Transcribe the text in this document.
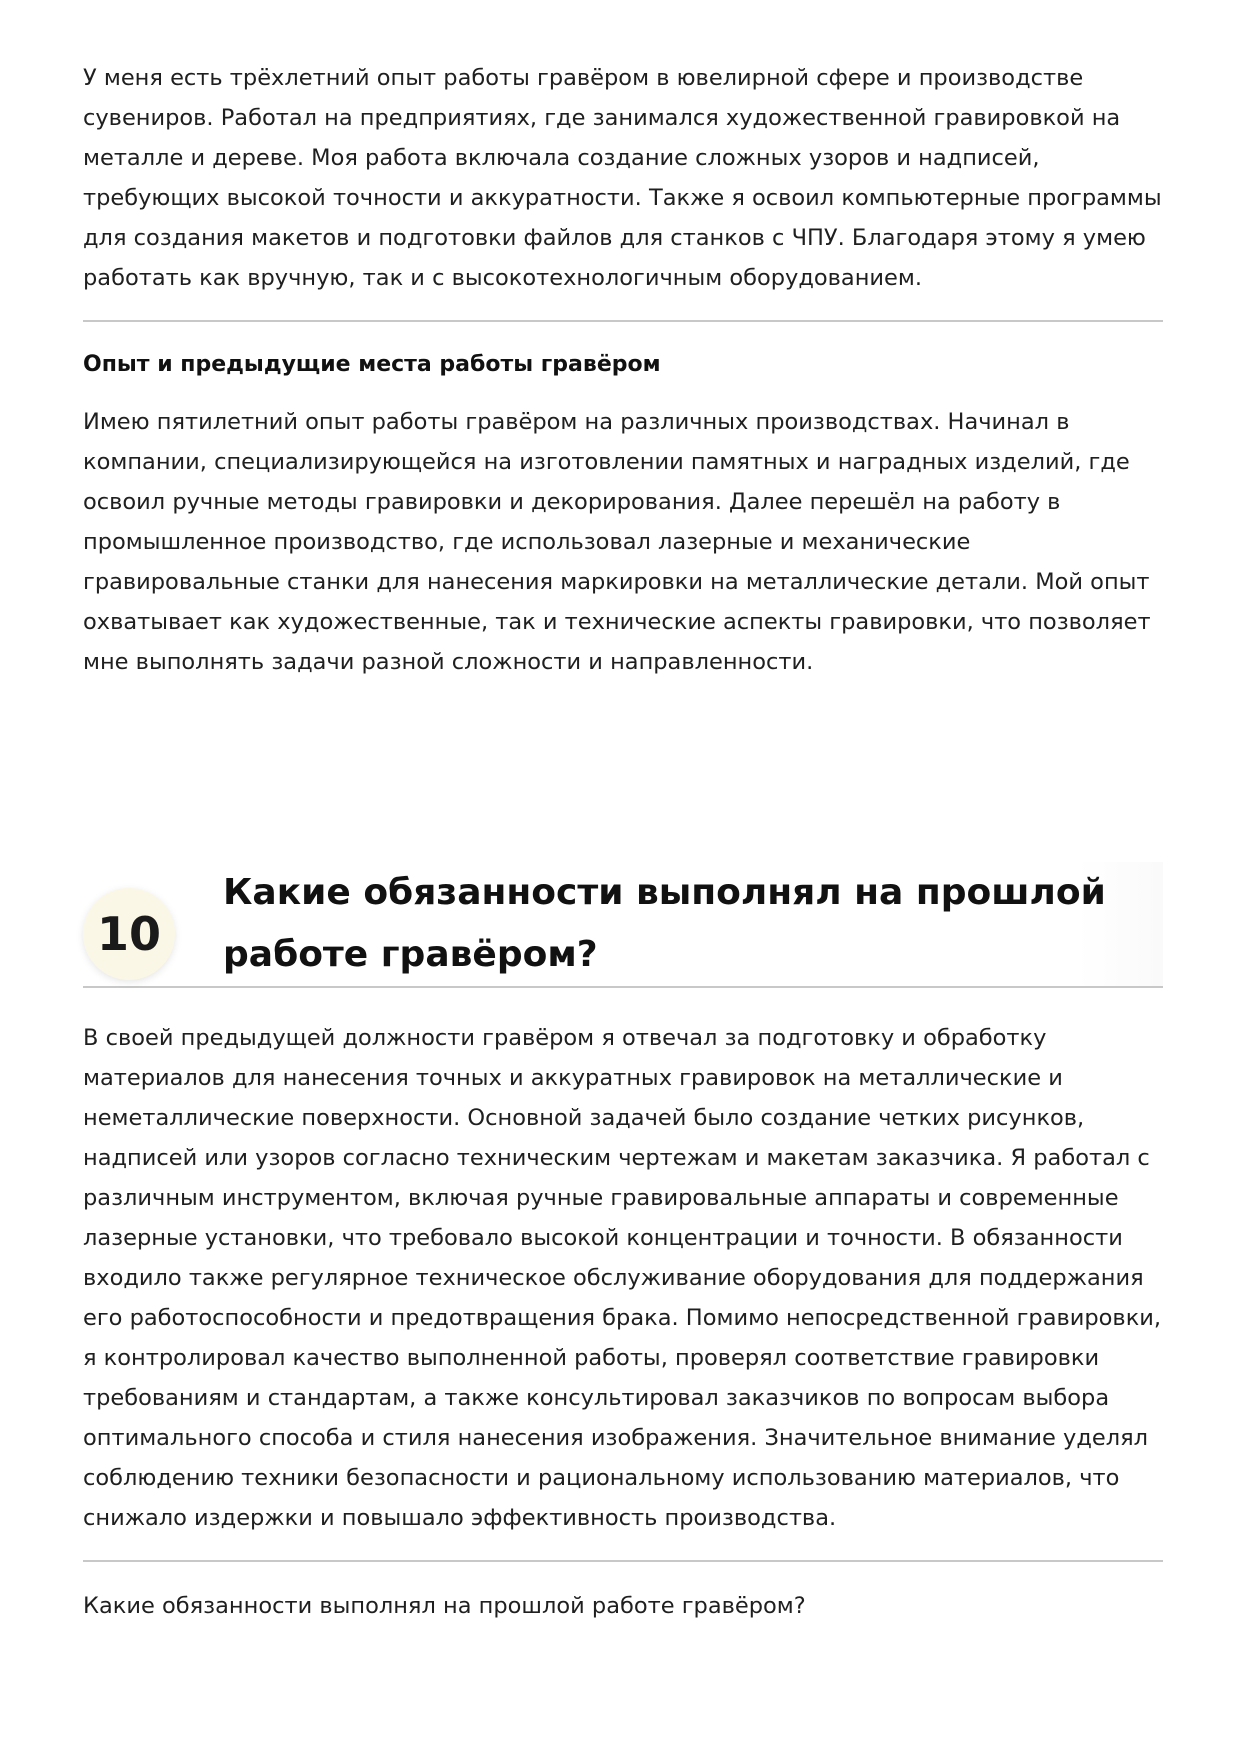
У меня есть трёхлетний опыт работы гравёром в ювелирной сфере и производстве сувениров. Работал на предприятиях, где занимался художественной гравировкой на металле и дереве. Моя работа включала создание сложных узоров и надписей, требующих высокой точности и аккуратности. Также я освоил компьютерные программы для создания макетов и подготовки файлов для станков с ЧПУ. Благодаря этому я умею работать как вручную, так и с высокотехнологичным оборудованием.

Опыт и предыдущие места работы гравёром

Имею пятилетний опыт работы гравёром на различных производствах. Начинал в компании, специализирующейся на изготовлении памятных и наградных изделий, где освоил ручные методы гравировки и декорирования. Далее перешёл на работу в промышленное производство, где использовал лазерные и механические гравировальные станки для нанесения маркировки на металлические детали. Мой опыт охватывает как художественные, так и технические аспекты гравировки, что позволяет мне выполнять задачи разной сложности и направленности.

10
Какие обязанности выполнял на прошлой работе гравёром?

В своей предыдущей должности гравёром я отвечал за подготовку и обработку материалов для нанесения точных и аккуратных гравировок на металлические и неметаллические поверхности. Основной задачей было создание четких рисунков, надписей или узоров согласно техническим чертежам и макетам заказчика. Я работал с различным инструментом, включая ручные гравировальные аппараты и современные лазерные установки, что требовало высокой концентрации и точности. В обязанности входило также регулярное техническое обслуживание оборудования для поддержания его работоспособности и предотвращения брака. Помимо непосредственной гравировки, я контролировал качество выполненной работы, проверял соответствие гравировки требованиям и стандартам, а также консультировал заказчиков по вопросам выбора оптимального способа и стиля нанесения изображения. Значительное внимание уделял соблюдению техники безопасности и рациональному использованию материалов, что снижало издержки и повышало эффективность производства.

Какие обязанности выполнял на прошлой работе гравёром?
